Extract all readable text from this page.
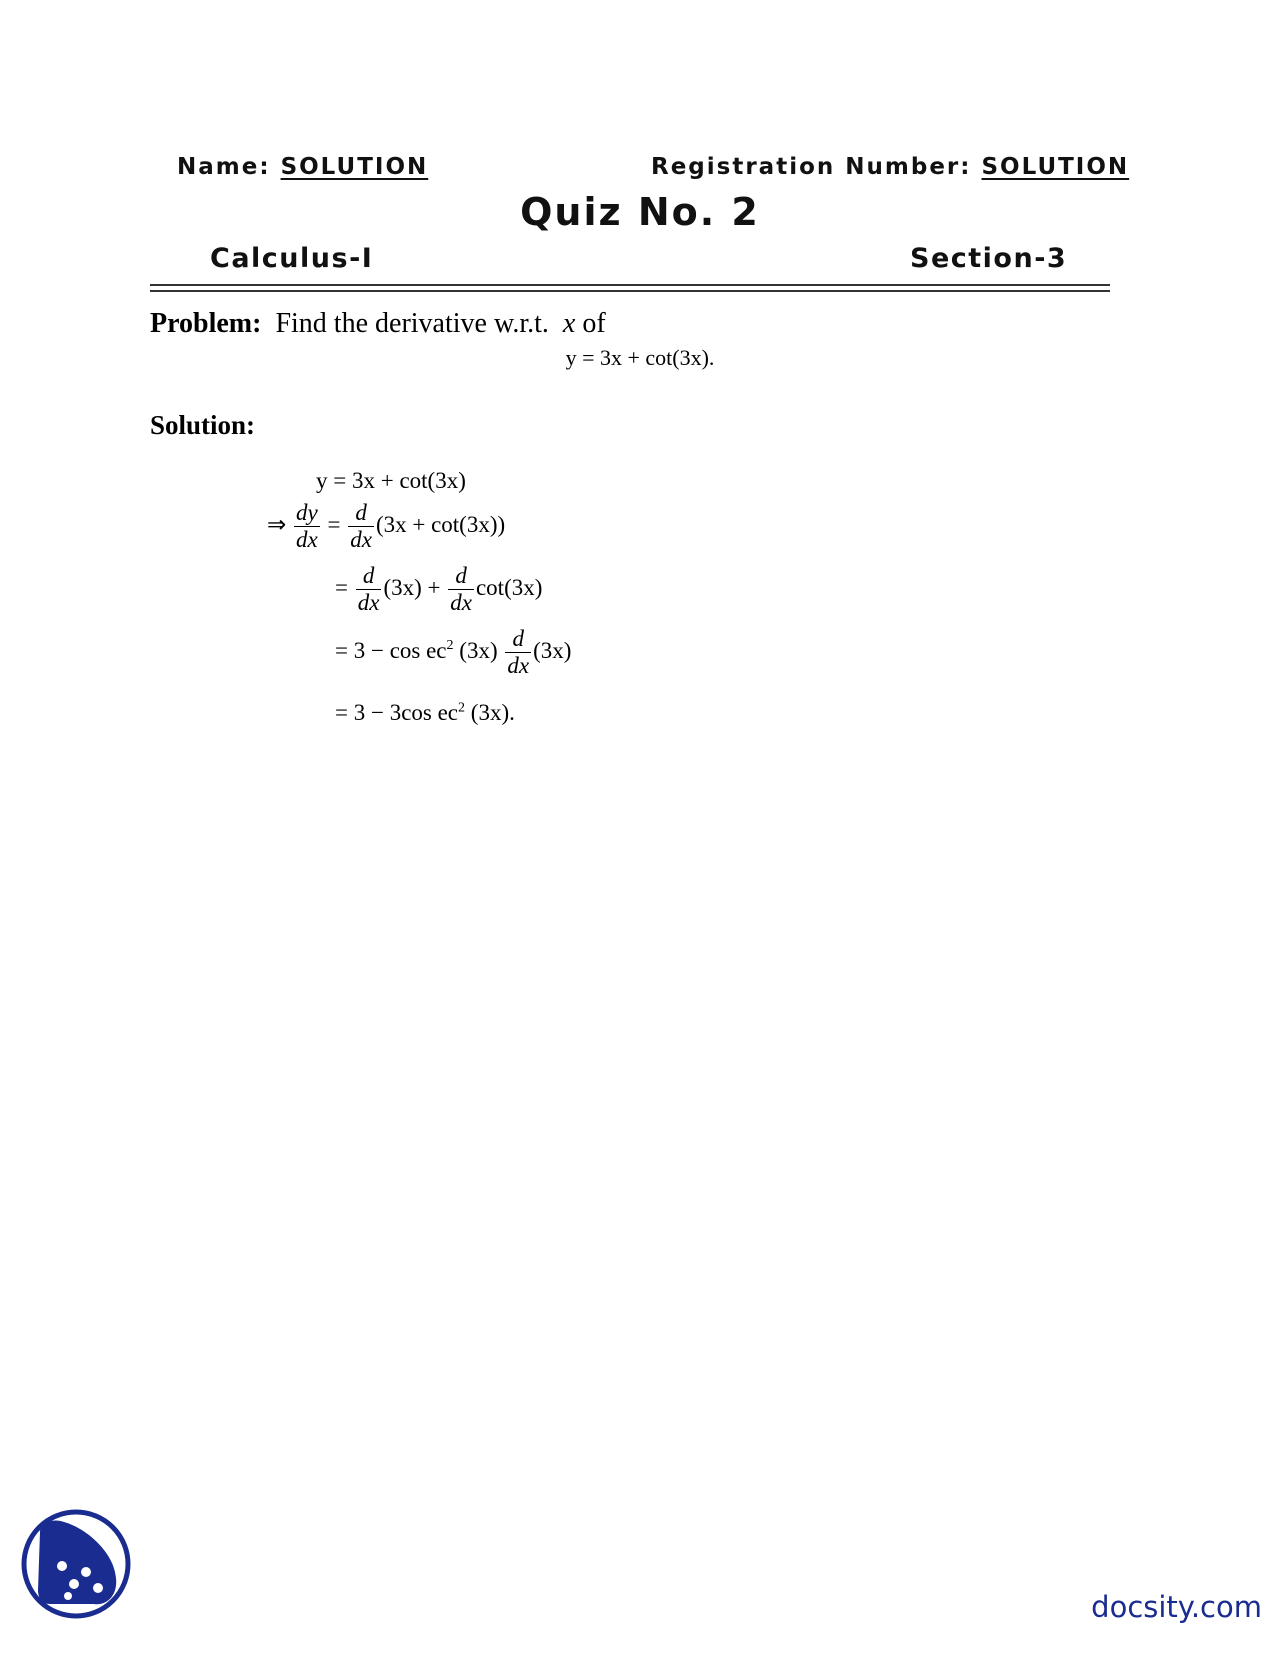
Name: SOLUTION	Registration Number: SOLUTION
Quiz No. 2
Calculus-I	Section-3
Problem: Find the derivative w.r.t. x of
y = 3x + cot(3x).
Solution:
y = 3x + cot(3x)
⇒ $\frac{dy}{dx} = \frac{d}{dx} (3x + \cot(3x))$
= $\frac{d}{dx} (3x) + \frac{d}{dx} \cot(3x)$
= $3 - \cos ec^2$ $(3x) \frac{d}{dx} (3x)$
= 3 − 3cos $ec^2$ (3x).
docsity.com
